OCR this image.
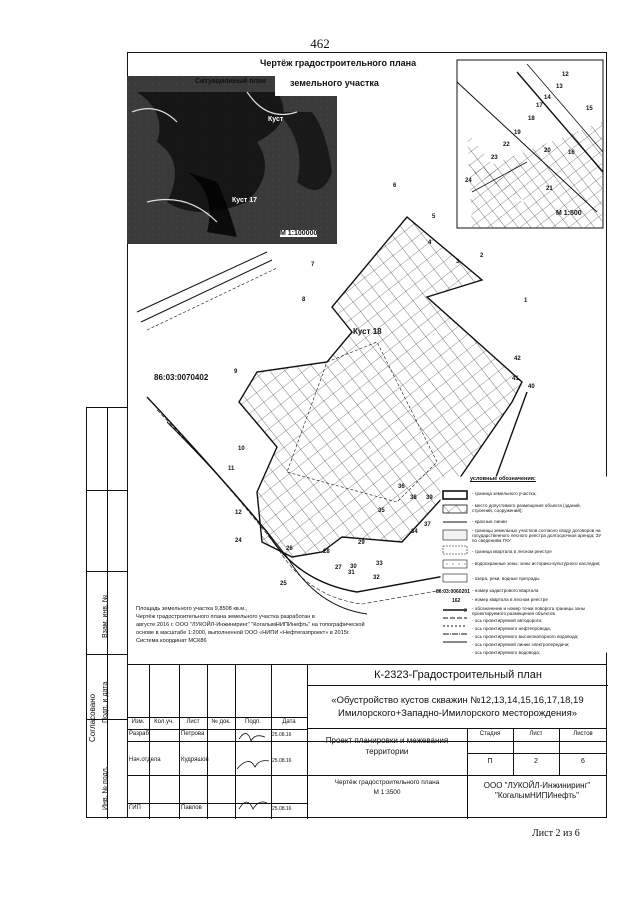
462
Взам. инв. №
Подп. и дата
Инв. № подл.
Согласовано
Чертёж градостроительного плана
земельного участка
Ситуационный план
Куст
Куст 17
М 1:100000
М 1:500
86:03:0070402
Куст 18
12
13
14
15
16
17
18
19
20
21
22
23
24
1
2
3
4
5
6
7
8
9
10
11
12
24
25
26
27
28
29
30
31
32
33
34
35
36
37
38 39
40
41
42
условные обозначения:
- граница земельного участка;
- место допустимого размещения объекта (зданий, строений, сооружений);
- красные линии
- границы земельных участков согласно своду договоров на государственного лесного реестра долгосрочная аренда; ЗУ по сведениям ГКУ
- граница квартала в лесном реестре
- водоохранные зоны; зоны историко-культурного наследия;
- озера, реки, водные преграды
- номер кадастрового квартала
- номер квартала в лесном реестре
- обозначение и номер точки поворота границы зоны проектируемого размещения объектов
- ось проектируемой автодороги;
- ось проектируемого нефтепровода;
- ось проектируемого высоконапорного водовода;
- ось проектируемой линии электропередачи;
- ось проектируемого водовода;
86:03:0060201
162
2
Площадь земельного участка 9,8508 кв.м.,
Чертёж градостроительного плана земельного участка разработан в
августе 2016 г. ООО "ЛУКОЙЛ-Инжиниринг" "КогалымНИПИнефть" на топографической
основе в масштабе 1:2000, выполненной ООО «НИПИ «Нефтегазпроект» в 2015г.
Система координат МСК86
К-2323-Градостроительный план
«Обустройство кустов скважин №12,13,14,15,16,17,18,19 Имилорского+Западно-Имилорского месторождения»
Изм.	Кол.уч.	Лист	№ док.	Подп.	Дата
Разраб.	Петрова	25.08.16
Нач.отдела	Кудряшов	25.08.16
ГИП	Павлов	25.08.16
Проект планировки и межевания территории
Стадия	Лист	Листов
П	2	6
Чертёж градостроительного плана
М 1:3500
ООО "ЛУКОЙЛ-Инжиниринг" "КогалымНИПИнефть"
Лист 2 из 6
